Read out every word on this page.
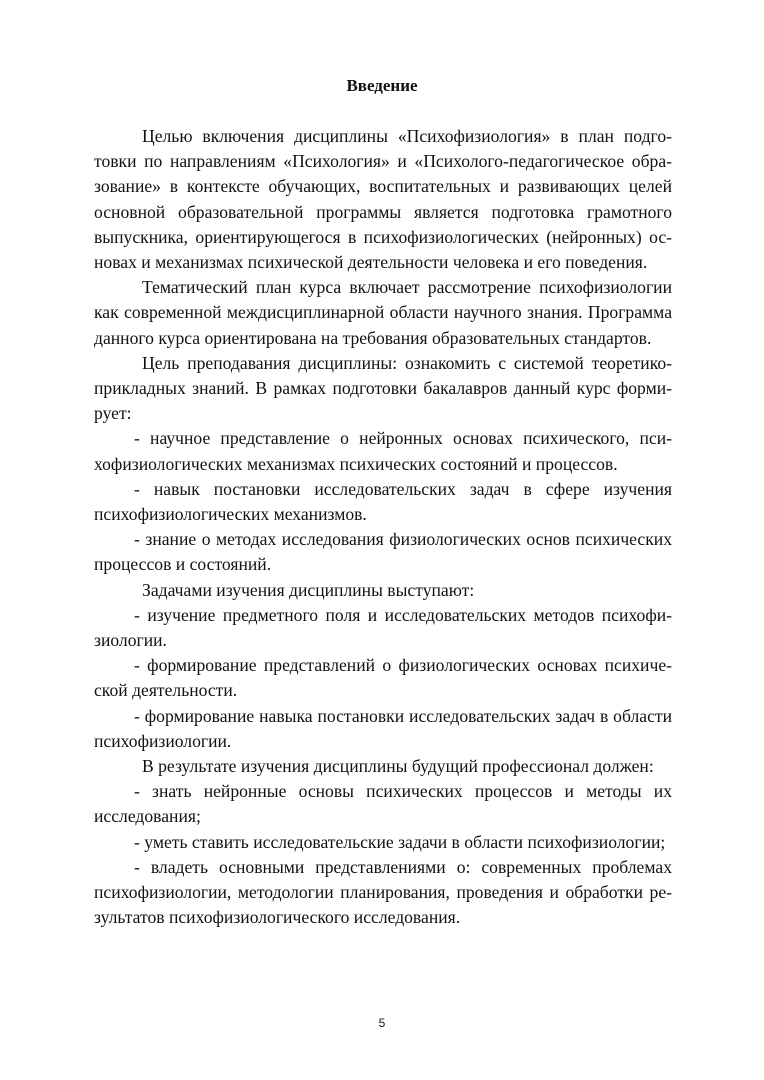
Введение

Целью включения дисциплины «Психофизиология» в план подготовки по направлениям «Психология» и «Психолого-педагогическое образование» в контексте обучающих, воспитательных и развивающих целей основной образовательной программы является подготовка грамотного выпускника, ориентирующегося в психофизиологических (нейронных) основах и механизмах психической деятельности человека и его поведения.

Тематический план курса включает рассмотрение психофизиологии как современной междисциплинарной области научного знания. Программа данного курса ориентирована на требования образовательных стандартов.

Цель преподавания дисциплины: ознакомить с системой теоретико-прикладных знаний. В рамках подготовки бакалавров данный курс формирует:

- научное представление о нейронных основах психического, психофизиологических механизмах психических состояний и процессов.

- навык постановки исследовательских задач в сфере изучения психофизиологических механизмов.

- знание о методах исследования физиологических основ психических процессов и состояний.

Задачами изучения дисциплины выступают:

- изучение предметного поля и исследовательских методов психофизиологии.

- формирование представлений о физиологических основах психической деятельности.

- формирование навыка постановки исследовательских задач в области психофизиологии.

В результате изучения дисциплины будущий профессионал должен:

- знать нейронные основы психических процессов и методы их исследования;

- уметь ставить исследовательские задачи в области психофизиологии;

- владеть основными представлениями о: современных проблемах психофизиологии, методологии планирования, проведения и обработки результатов психофизиологического исследования.

5
